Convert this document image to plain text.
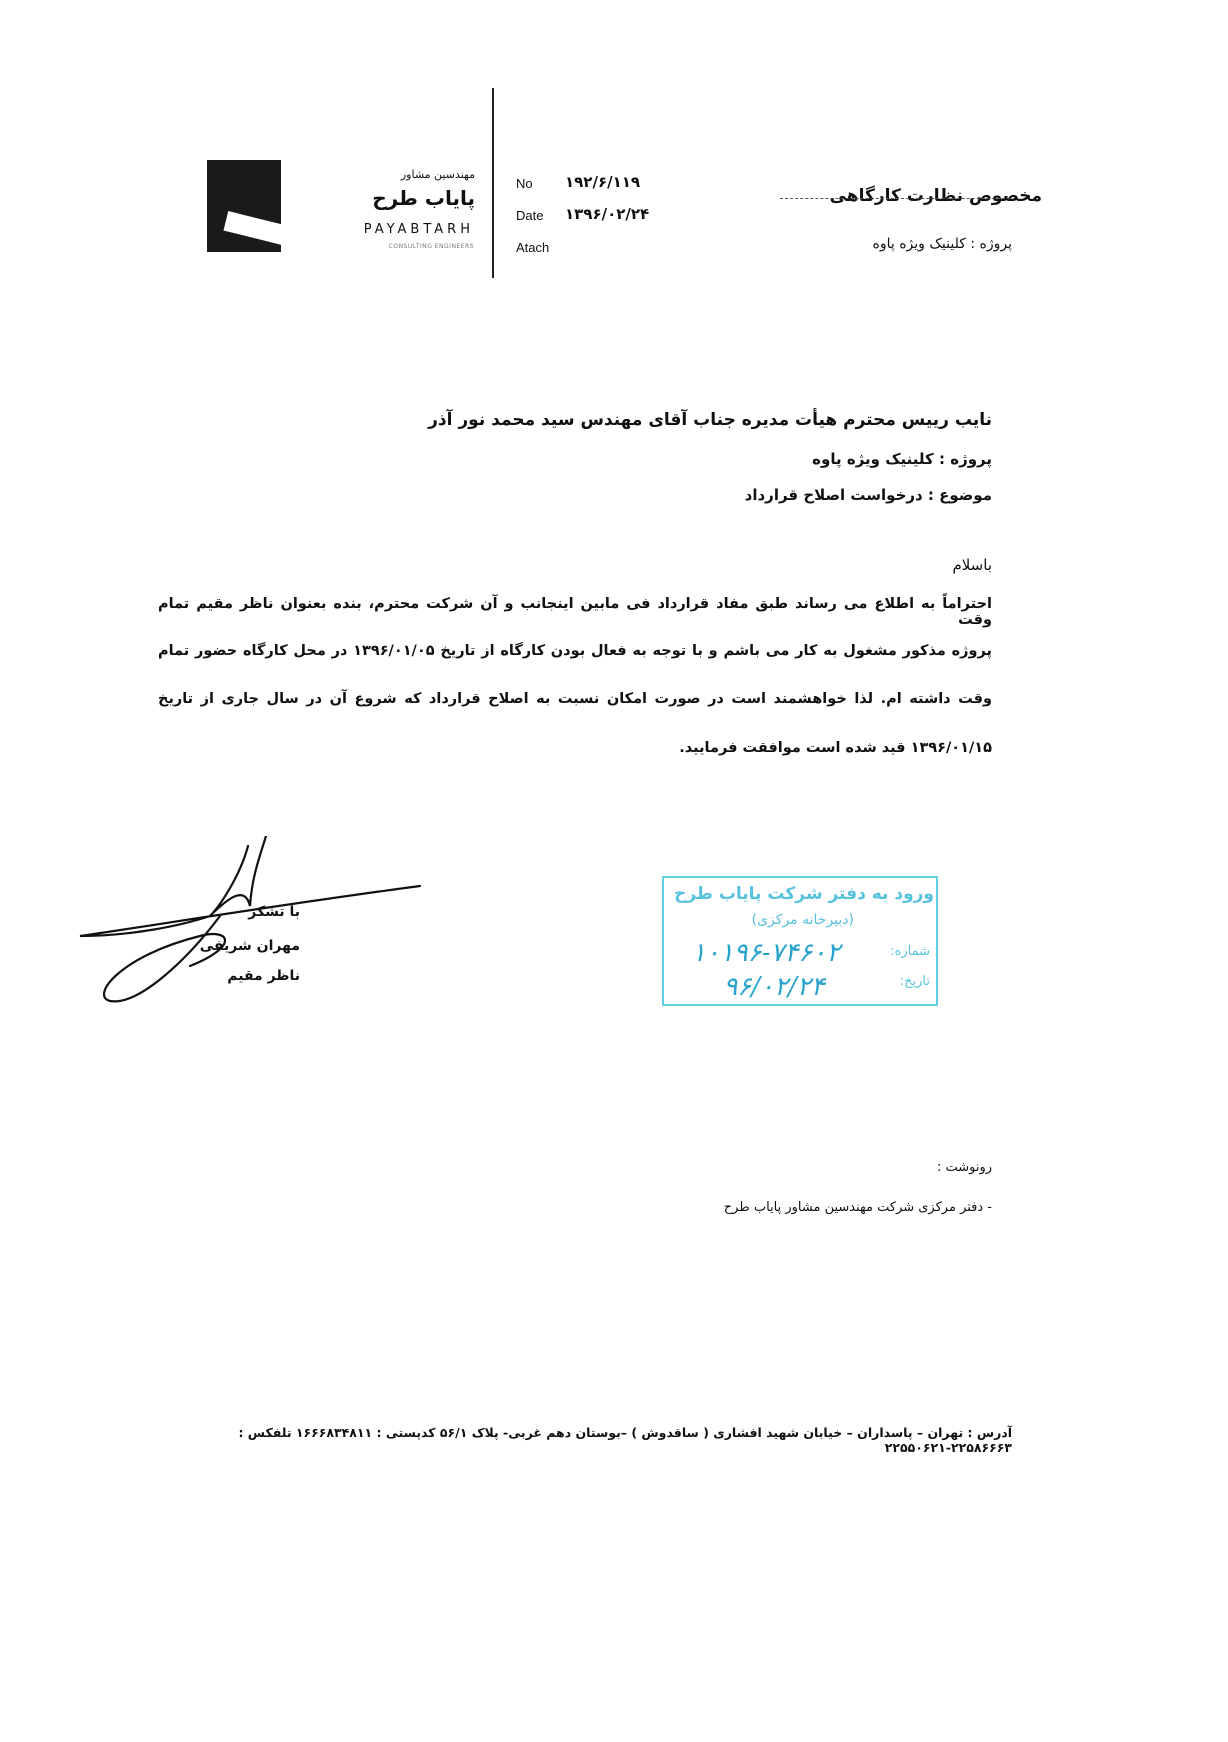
مهندسین مشاور
پایاب طرح
PAYABTARH
CONSULTING ENGINEERS
No ۱۹۲/۶/۱۱۹
Date ۱۳۹۶/۰۲/۲۴
Atach
مخصوص نظارت کارگاهی
پروژه : کلینیک ویژه پاوه
نایب رییس محترم هیأت مدیره جناب آقای مهندس سید محمد نور آذر
پروژه : کلینیک ویژه پاوه
موضوع : درخواست اصلاح قرارداد
باسلام
احتراماً به اطلاع می رساند طبق مفاد قرارداد فی مابین اینجانب و آن شرکت محترم، بنده بعنوان ناظر مقیم تمام وقت
پروژه مذکور مشغول به کار می باشم و با توجه به فعال بودن کارگاه از تاریخ ۱۳۹۶/۰۱/۰۵ در محل کارگاه حضور تمام
وقت داشته ام. لذا خواهشمند است در صورت امکان نسبت به اصلاح قرارداد که شروع آن در سال جاری از تاریخ
۱۳۹۶/۰۱/۱۵ قید شده است موافقت فرمایید.
با تشکر
مهران شریفی
ناظر مقیم
ورود به دفتر شرکت پایاب طرح
(دبیرخانه مرکزی)
شماره:
۱۰۱۹۶-۷۴۶۰۲
تاریخ:
۹۶/۰۲/۲۴
رونوشت :
- دفتر مرکزی شرکت مهندسین مشاور پایاب طرح
آدرس : تهران – پاسداران – خیابان شهید افشاری ( ساقدوش ) –بوستان دهم غربی- پلاک ۵۶/۱ کدپستی : ۱۶۶۶۸۳۴۸۱۱ تلفکس : ۲۲۵۸۶۶۶۳-۲۲۵۵۰۶۲۱
